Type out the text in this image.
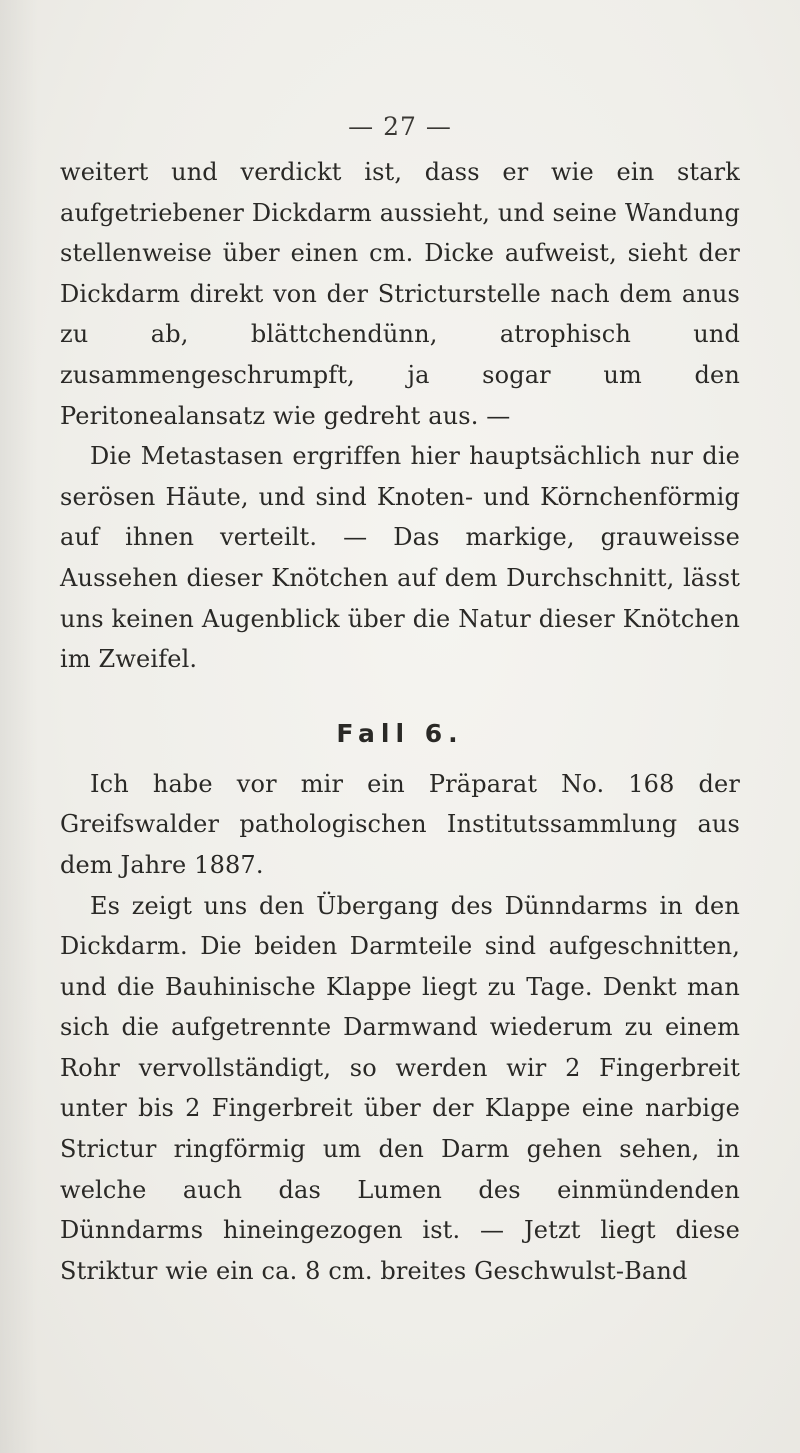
— 27 —

weitert und verdickt ist, dass er wie ein stark aufgetriebener Dickdarm aussieht, und seine Wandung stellenweise über einen cm. Dicke aufweist, sieht der Dickdarm direkt von der Stricturstelle nach dem anus zu ab, blättchendünn, atrophisch und zusammengeschrumpft, ja sogar um den Peritonealansatz wie gedreht aus. —

Die Metastasen ergriffen hier hauptsächlich nur die serösen Häute, und sind Knoten- und Körnchenförmig auf ihnen verteilt. — Das markige, grauweisse Aussehen dieser Knötchen auf dem Durchschnitt, lässt uns keinen Augenblick über die Natur dieser Knötchen im Zweifel.

Fall 6.

Ich habe vor mir ein Präparat No. 168 der Greifswalder pathologischen Institutssammlung aus dem Jahre 1887.

Es zeigt uns den Übergang des Dünndarms in den Dickdarm. Die beiden Darmteile sind aufgeschnitten, und die Bauhinische Klappe liegt zu Tage. Denkt man sich die aufgetrennte Darmwand wiederum zu einem Rohr vervollständigt, so werden wir 2 Fingerbreit unter bis 2 Fingerbreit über der Klappe eine narbige Strictur ringförmig um den Darm gehen sehen, in welche auch das Lumen des einmündenden Dünndarms hineingezogen ist. — Jetzt liegt diese Striktur wie ein ca. 8 cm. breites Geschwulst-Band
